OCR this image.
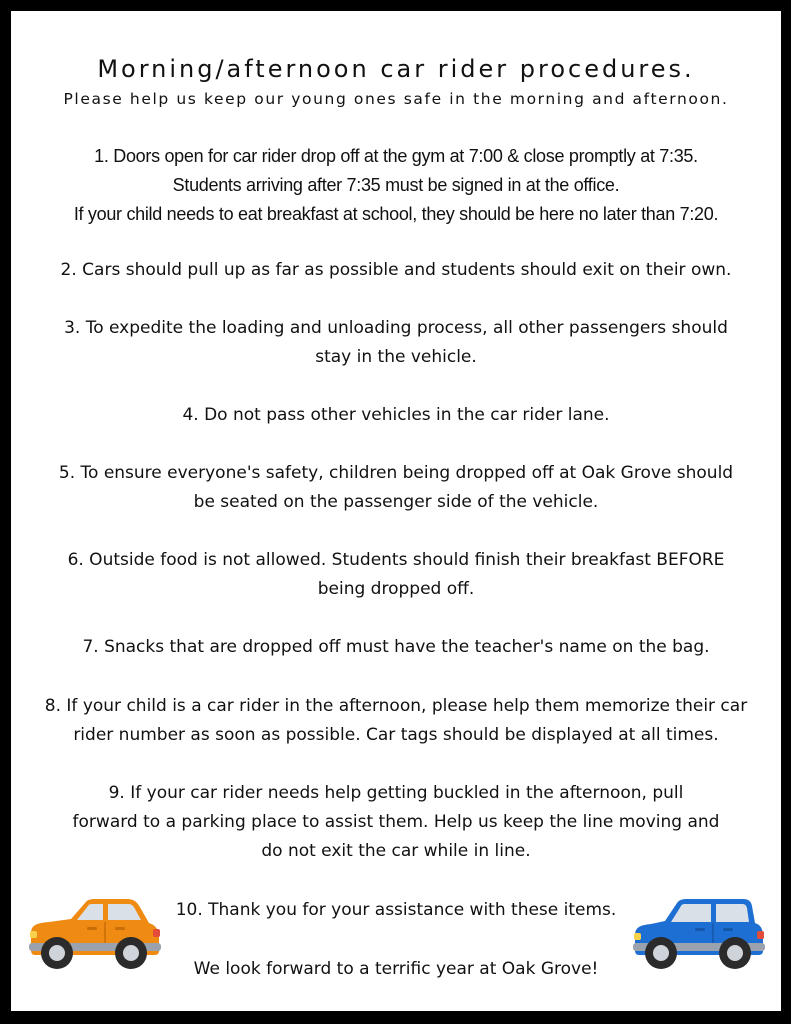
Morning/afternoon car rider procedures.
Please help us keep our young ones safe in the morning and afternoon.
1. Doors open for car rider drop off at the gym at 7:00 & close promptly at 7:35.
Students arriving after 7:35 must be signed in at the office.
If your child needs to eat breakfast at school, they should be here no later than 7:20.
2. Cars should pull up as far as possible and students should exit on their own.
3. To expedite the loading and unloading process, all other passengers should
stay in the vehicle.
4. Do not pass other vehicles in the car rider lane.
5. To ensure everyone's safety, children being dropped off at Oak Grove should
be seated on the passenger side of the vehicle.
6. Outside food is not allowed. Students should finish their breakfast BEFORE
being dropped off.
7. Snacks that are dropped off must have the teacher's name on the bag.
8. If your child is a car rider in the afternoon, please help them memorize their car
rider number as soon as possible. Car tags should be displayed at all times.
9. If your car rider needs help getting buckled in the afternoon, pull
forward to a parking place to assist them. Help us keep the line moving and
do not exit the car while in line.
10. Thank you for your assistance with these items.
We look forward to a terrific year at Oak Grove!
